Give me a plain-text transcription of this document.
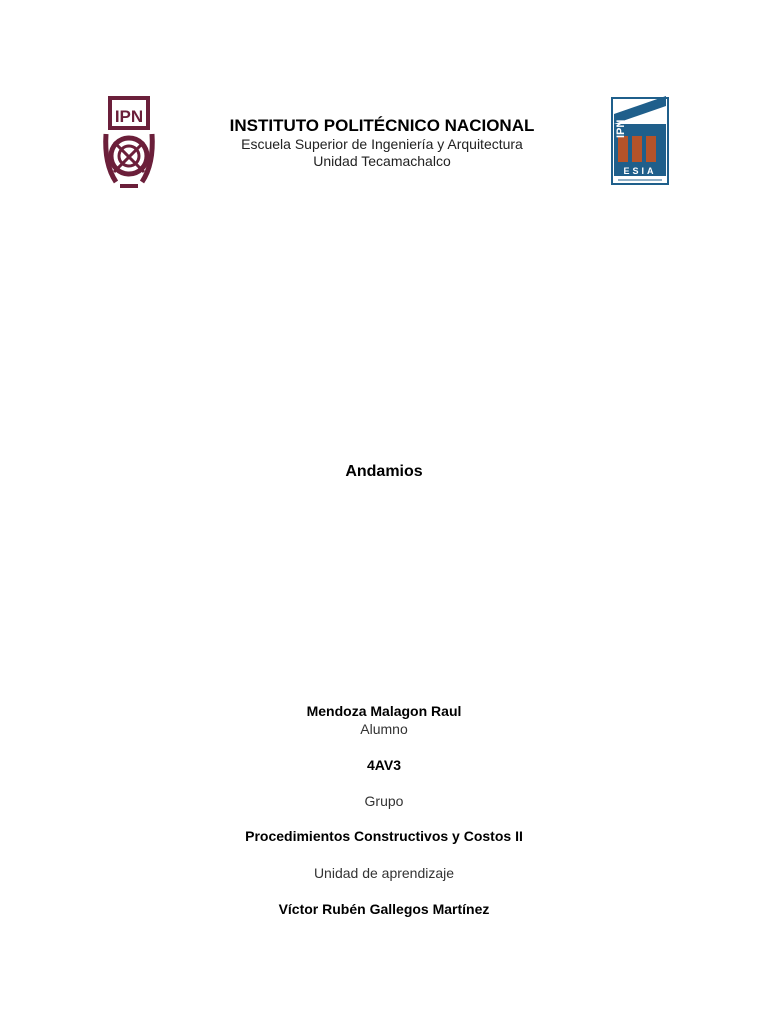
IPN
IPN
ESIA
INSTITUTO POLITÉCNICO NACIONAL
Escuela Superior de Ingeniería y Arquitectura
Unidad Tecamachalco
Andamios
Mendoza Malagon Raul
Alumno
4AV3
Grupo
Procedimientos Constructivos y Costos II
Unidad de aprendizaje
Víctor Rubén Gallegos Martínez
